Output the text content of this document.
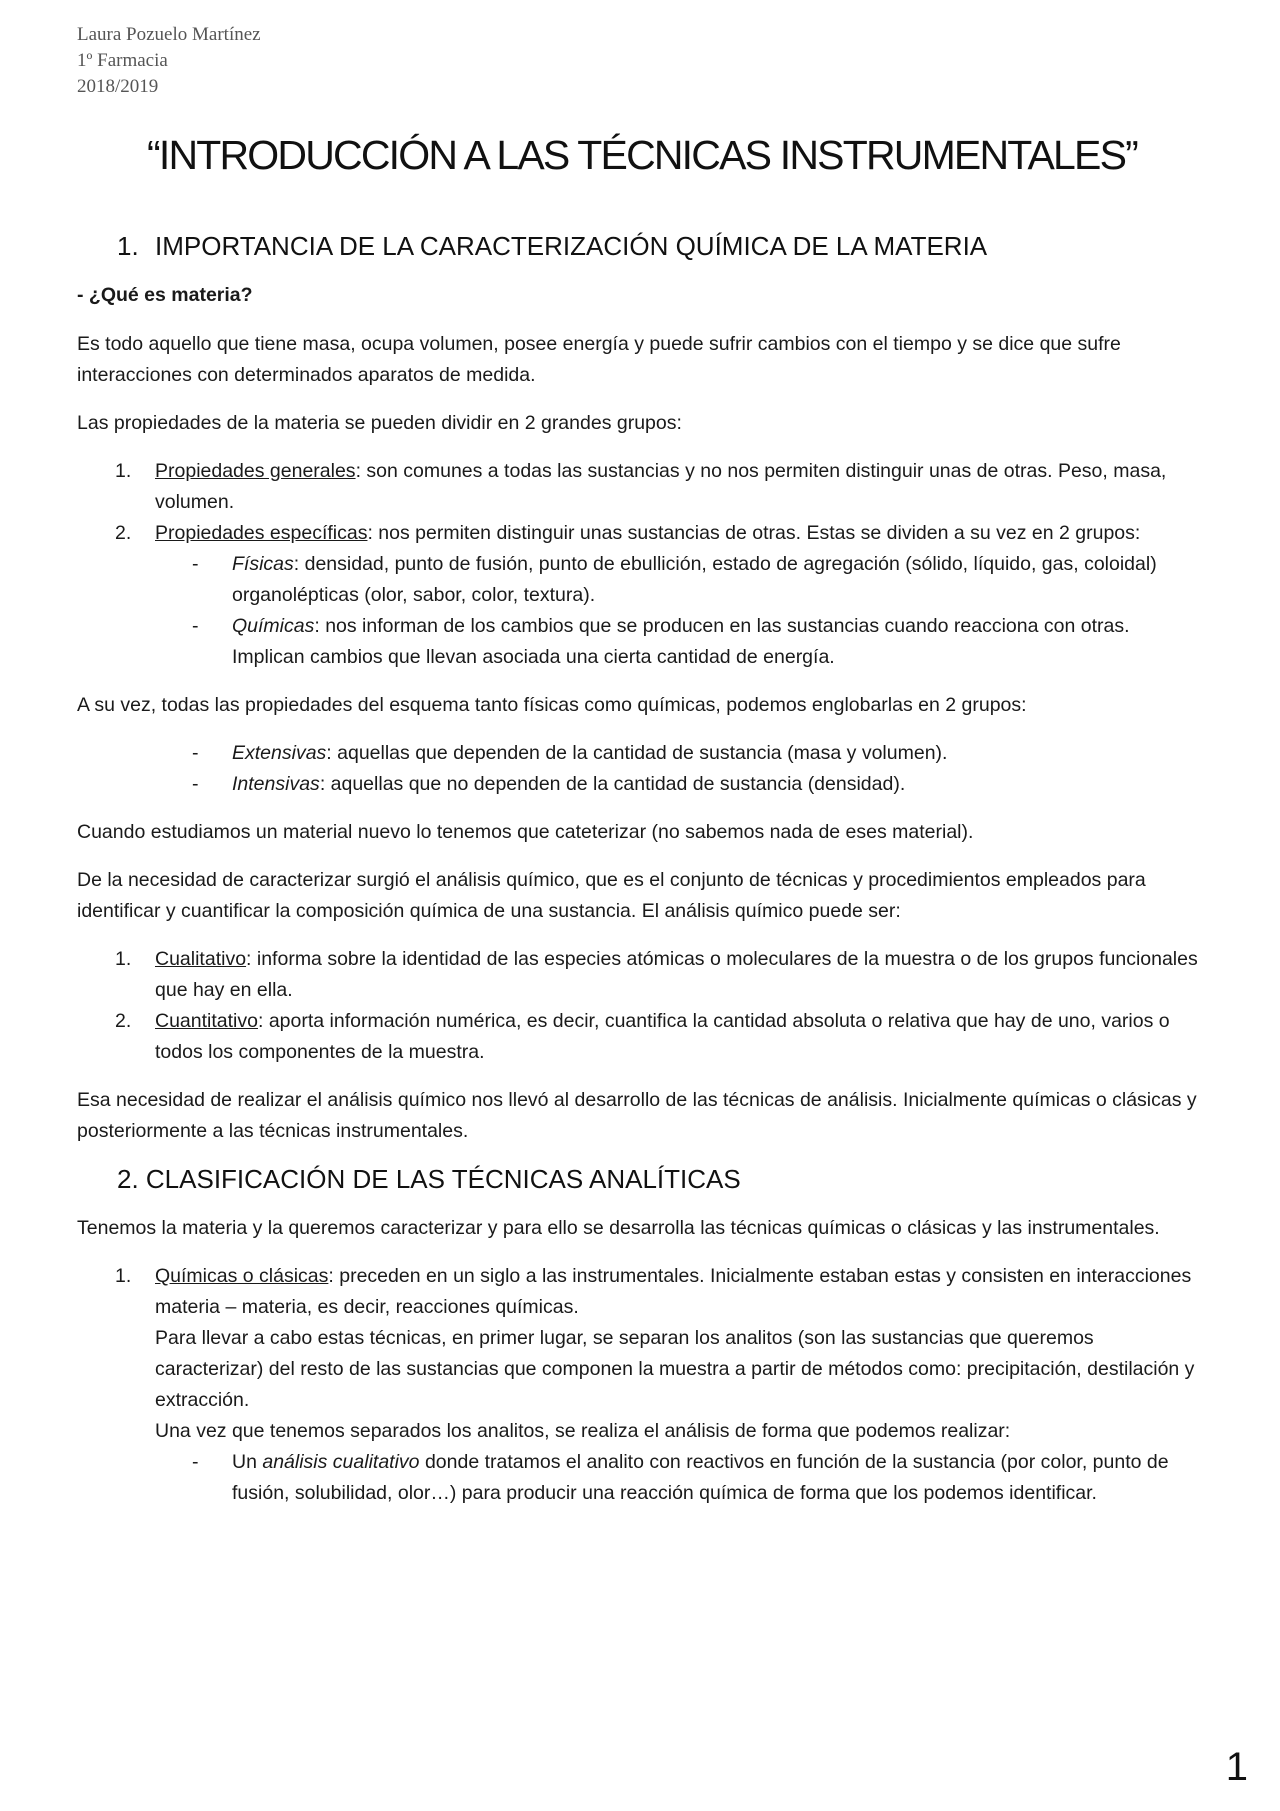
Laura Pozuelo Martínez
1º Farmacia
2018/2019
“INTRODUCCIÓN A LAS TÉCNICAS INSTRUMENTALES”
1. IMPORTANCIA DE LA CARACTERIZACIÓN QUÍMICA DE LA MATERIA

- ¿Qué es materia?

Es todo aquello que tiene masa, ocupa volumen, posee energía y puede sufrir cambios con el tiempo y se dice que sufre interacciones con determinados aparatos de medida.

Las propiedades de la materia se pueden dividir en 2 grandes grupos:

1. Propiedades generales: son comunes a todas las sustancias y no nos permiten distinguir unas de otras. Peso, masa, volumen.
2. Propiedades específicas: nos permiten distinguir unas sustancias de otras. Estas se dividen a su vez en 2 grupos:
- Físicas: densidad, punto de fusión, punto de ebullición, estado de agregación (sólido, líquido, gas, coloidal) organolépticas (olor, sabor, color, textura).
- Químicas: nos informan de los cambios que se producen en las sustancias cuando reacciona con otras. Implican cambios que llevan asociada una cierta cantidad de energía.

A su vez, todas las propiedades del esquema tanto físicas como químicas, podemos englobarlas en 2 grupos:

- Extensivas: aquellas que dependen de la cantidad de sustancia (masa y volumen).
- Intensivas: aquellas que no dependen de la cantidad de sustancia (densidad).

Cuando estudiamos un material nuevo lo tenemos que cateterizar (no sabemos nada de eses material).

De la necesidad de caracterizar surgió el análisis químico, que es el conjunto de técnicas y procedimientos empleados para identificar y cuantificar la composición química de una sustancia. El análisis químico puede ser:

1. Cualitativo: informa sobre la identidad de las especies atómicas o moleculares de la muestra o de los grupos funcionales que hay en ella.
2. Cuantitativo: aporta información numérica, es decir, cuantifica la cantidad absoluta o relativa que hay de uno, varios o todos los componentes de la muestra.

Esa necesidad de realizar el análisis químico nos llevó al desarrollo de las técnicas de análisis. Inicialmente químicas o clásicas y posteriormente a las técnicas instrumentales.

2. CLASIFICACIÓN DE LAS TÉCNICAS ANALÍTICAS

Tenemos la materia y la queremos caracterizar y para ello se desarrolla las técnicas químicas o clásicas y las instrumentales.

1. Químicas o clásicas: preceden en un siglo a las instrumentales. Inicialmente estaban estas y consisten en interacciones materia – materia, es decir, reacciones químicas.
Para llevar a cabo estas técnicas, en primer lugar, se separan los analitos (son las sustancias que queremos caracterizar) del resto de las sustancias que componen la muestra a partir de métodos como: precipitación, destilación y extracción.
Una vez que tenemos separados los analitos, se realiza el análisis de forma que podemos realizar:
- Un análisis cualitativo donde tratamos el analito con reactivos en función de la sustancia (por color, punto de fusión, solubilidad, olor…) para producir una reacción química de forma que los podemos identificar.
1
